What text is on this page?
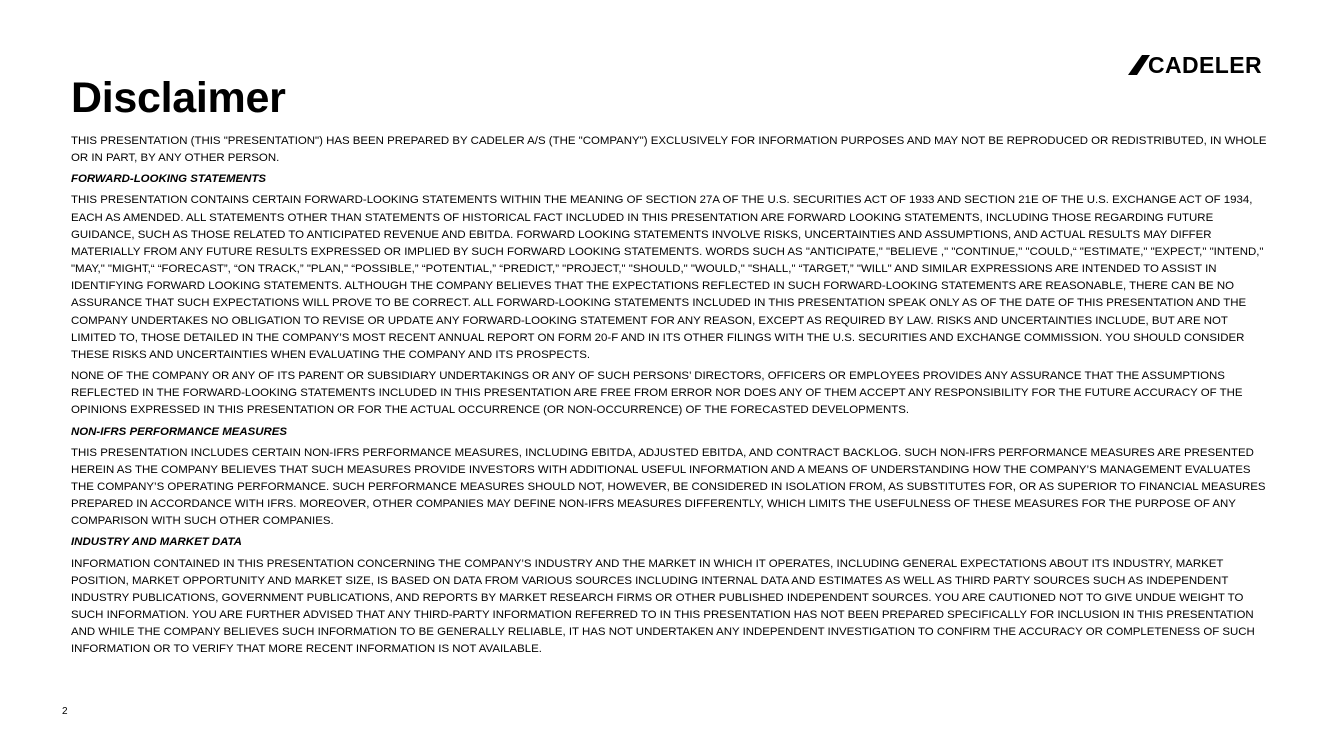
CADELER
Disclaimer

THIS PRESENTATION (THIS "PRESENTATION") HAS BEEN PREPARED BY CADELER A/S (THE "COMPANY") EXCLUSIVELY FOR INFORMATION PURPOSES AND MAY NOT BE REPRODUCED OR REDISTRIBUTED, IN WHOLE OR IN PART, BY ANY OTHER PERSON.

FORWARD-LOOKING STATEMENTS

THIS PRESENTATION CONTAINS CERTAIN FORWARD-LOOKING STATEMENTS WITHIN THE MEANING OF SECTION 27A OF THE U.S. SECURITIES ACT OF 1933 AND SECTION 21E OF THE U.S. EXCHANGE ACT OF 1934, EACH AS AMENDED. ALL STATEMENTS OTHER THAN STATEMENTS OF HISTORICAL FACT INCLUDED IN THIS PRESENTATION ARE FORWARD LOOKING STATEMENTS, INCLUDING THOSE REGARDING FUTURE GUIDANCE, SUCH AS THOSE RELATED TO ANTICIPATED REVENUE AND EBITDA. FORWARD LOOKING STATEMENTS INVOLVE RISKS, UNCERTAINTIES AND ASSUMPTIONS, AND ACTUAL RESULTS MAY DIFFER MATERIALLY FROM ANY FUTURE RESULTS EXPRESSED OR IMPLIED BY SUCH FORWARD LOOKING STATEMENTS. WORDS SUCH AS "ANTICIPATE," "BELIEVE ," "CONTINUE," "COULD,“ "ESTIMATE," "EXPECT," "INTEND," "MAY," "MIGHT,“ “FORECAST”, “ON TRACK,” "PLAN," “POSSIBLE,” “POTENTIAL,” “PREDICT,” "PROJECT," "SHOULD," "WOULD," "SHALL," “TARGET,” "WILL" AND SIMILAR EXPRESSIONS ARE INTENDED TO ASSIST IN IDENTIFYING FORWARD LOOKING STATEMENTS. ALTHOUGH THE COMPANY BELIEVES THAT THE EXPECTATIONS REFLECTED IN SUCH FORWARD-LOOKING STATEMENTS ARE REASONABLE, THERE CAN BE NO ASSURANCE THAT SUCH EXPECTATIONS WILL PROVE TO BE CORRECT. ALL FORWARD-LOOKING STATEMENTS INCLUDED IN THIS PRESENTATION SPEAK ONLY AS OF THE DATE OF THIS PRESENTATION AND THE COMPANY UNDERTAKES NO OBLIGATION TO REVISE OR UPDATE ANY FORWARD-LOOKING STATEMENT FOR ANY REASON, EXCEPT AS REQUIRED BY LAW. RISKS AND UNCERTAINTIES INCLUDE, BUT ARE NOT LIMITED TO, THOSE DETAILED IN THE COMPANY’S MOST RECENT ANNUAL REPORT ON FORM 20-F AND IN ITS OTHER FILINGS WITH THE U.S. SECURITIES AND EXCHANGE COMMISSION. YOU SHOULD CONSIDER THESE RISKS AND UNCERTAINTIES WHEN EVALUATING THE COMPANY AND ITS PROSPECTS.

NONE OF THE COMPANY OR ANY OF ITS PARENT OR SUBSIDIARY UNDERTAKINGS OR ANY OF SUCH PERSONS’ DIRECTORS, OFFICERS OR EMPLOYEES PROVIDES ANY ASSURANCE THAT THE ASSUMPTIONS REFLECTED IN THE FORWARD-LOOKING STATEMENTS INCLUDED IN THIS PRESENTATION ARE FREE FROM ERROR NOR DOES ANY OF THEM ACCEPT ANY RESPONSIBILITY FOR THE FUTURE ACCURACY OF THE OPINIONS EXPRESSED IN THIS PRESENTATION OR FOR THE ACTUAL OCCURRENCE (OR NON-OCCURRENCE) OF THE FORECASTED DEVELOPMENTS.

NON-IFRS PERFORMANCE MEASURES

THIS PRESENTATION INCLUDES CERTAIN NON-IFRS PERFORMANCE MEASURES, INCLUDING EBITDA, ADJUSTED EBITDA, AND CONTRACT BACKLOG. SUCH NON-IFRS PERFORMANCE MEASURES ARE PRESENTED HEREIN AS THE COMPANY BELIEVES THAT SUCH MEASURES PROVIDE INVESTORS WITH ADDITIONAL USEFUL INFORMATION AND A MEANS OF UNDERSTANDING HOW THE COMPANY’S MANAGEMENT EVALUATES THE COMPANY’S OPERATING PERFORMANCE. SUCH PERFORMANCE MEASURES SHOULD NOT, HOWEVER, BE CONSIDERED IN ISOLATION FROM, AS SUBSTITUTES FOR, OR AS SUPERIOR TO FINANCIAL MEASURES PREPARED IN ACCORDANCE WITH IFRS. MOREOVER, OTHER COMPANIES MAY DEFINE NON-IFRS MEASURES DIFFERENTLY, WHICH LIMITS THE USEFULNESS OF THESE MEASURES FOR THE PURPOSE OF ANY COMPARISON WITH SUCH OTHER COMPANIES.

INDUSTRY AND MARKET DATA

INFORMATION CONTAINED IN THIS PRESENTATION CONCERNING THE COMPANY’S INDUSTRY AND THE MARKET IN WHICH IT OPERATES, INCLUDING GENERAL EXPECTATIONS ABOUT ITS INDUSTRY, MARKET POSITION, MARKET OPPORTUNITY AND MARKET SIZE, IS BASED ON DATA FROM VARIOUS SOURCES INCLUDING INTERNAL DATA AND ESTIMATES AS WELL AS THIRD PARTY SOURCES SUCH AS INDEPENDENT INDUSTRY PUBLICATIONS, GOVERNMENT PUBLICATIONS, AND REPORTS BY MARKET RESEARCH FIRMS OR OTHER PUBLISHED INDEPENDENT SOURCES. YOU ARE CAUTIONED NOT TO GIVE UNDUE WEIGHT TO SUCH INFORMATION. YOU ARE FURTHER ADVISED THAT ANY THIRD-PARTY INFORMATION REFERRED TO IN THIS PRESENTATION HAS NOT BEEN PREPARED SPECIFICALLY FOR INCLUSION IN THIS PRESENTATION AND WHILE THE COMPANY BELIEVES SUCH INFORMATION TO BE GENERALLY RELIABLE, IT HAS NOT UNDERTAKEN ANY INDEPENDENT INVESTIGATION TO CONFIRM THE ACCURACY OR COMPLETENESS OF SUCH INFORMATION OR TO VERIFY THAT MORE RECENT INFORMATION IS NOT AVAILABLE.

2
